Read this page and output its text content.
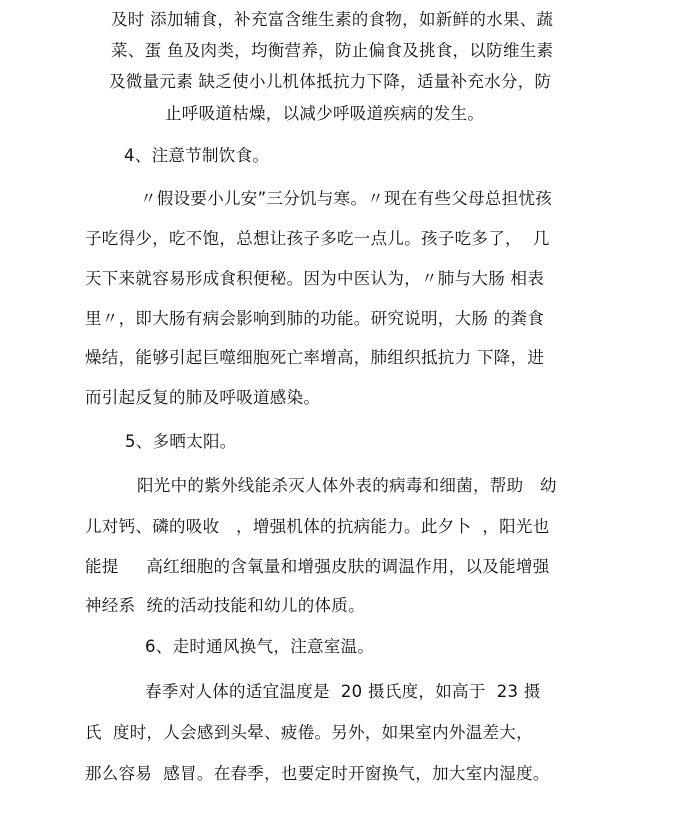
及时 添加辅食，补充富含维生素的食物，如新鲜的水果、蔬
菜、蛋 鱼及肉类，均衡营养，防止偏食及挑食，以防维生素
及微量元素 缺乏使小儿机体抵抗力下降，适量补充水分，防
止呼吸道枯燥，以减少呼吸道疾病的发生。
4、注意节制饮食。
〃假设要小儿安”三分饥与寒。〃现在有些父母总担忧孩
子吃得少，吃不饱，总想让孩子多吃一点儿。孩子吃多了，  几
天下来就容易形成食积便秘。因为中医认为，〃肺与大肠 相表
里〃，即大肠有病会影响到肺的功能。研究说明，大肠 的粪食
燥结，能够引起巨噬细胞死亡率增高，肺组织抵抗力 下降，进
而引起反复的肺及呼吸道感染。
5、多晒太阳。
阳光中的紫外线能杀灭人体外表的病毒和细菌，帮助   幼
儿对钙、磷的吸收   ，增强机体的抗病能力。此夕卜  ，阳光也
能提     高红细胞的含氧量和增强皮肤的调温作用，以及能增强
神经系  统的活动技能和幼儿的体质。
6、走时通风换气，注意室温。
春季对人体的适宜温度是  20 摄氏度，如高于  23 摄
氏  度时，人会感到头晕、疲倦。另外，如果室内外温差大，
那么容易  感冒。在春季，也要定时开窗换气，加大室内湿度。
